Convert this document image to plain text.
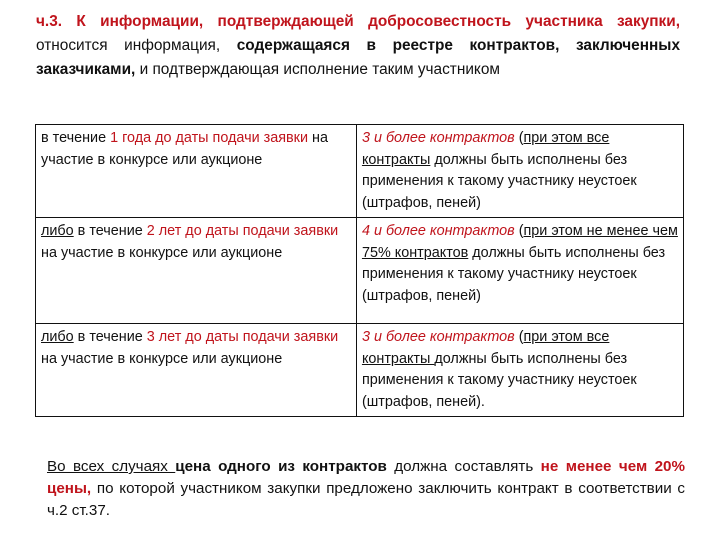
ч.3. К информации, подтверждающей добросовестность участника закупки, относится информация, содержащаяся в реестре контрактов, заключенных заказчиками, и подтверждающая исполнение таким участником

в течение 1 года до даты подачи заявки на участие в конкурсе или аукционе	3 и более контрактов (при этом все контракты должны быть исполнены без применения к такому участнику неустоек (штрафов, пеней)
либо в течение 2 лет до даты подачи заявки на участие в конкурсе или аукционе	4 и более контрактов (при этом не менее чем 75% контрактов должны быть исполнены без применения к такому участнику неустоек (штрафов, пеней)
либо в течение 3 лет до даты подачи заявки на участие в конкурсе или аукционе	3 и более контрактов (при этом все контракты должны быть исполнены без применения к такому участнику неустоек (штрафов, пеней).

Во всех случаях цена одного из контрактов должна составлять не менее чем 20% цены, по которой участником закупки предложено заключить контракт в соответствии с ч.2 ст.37.
